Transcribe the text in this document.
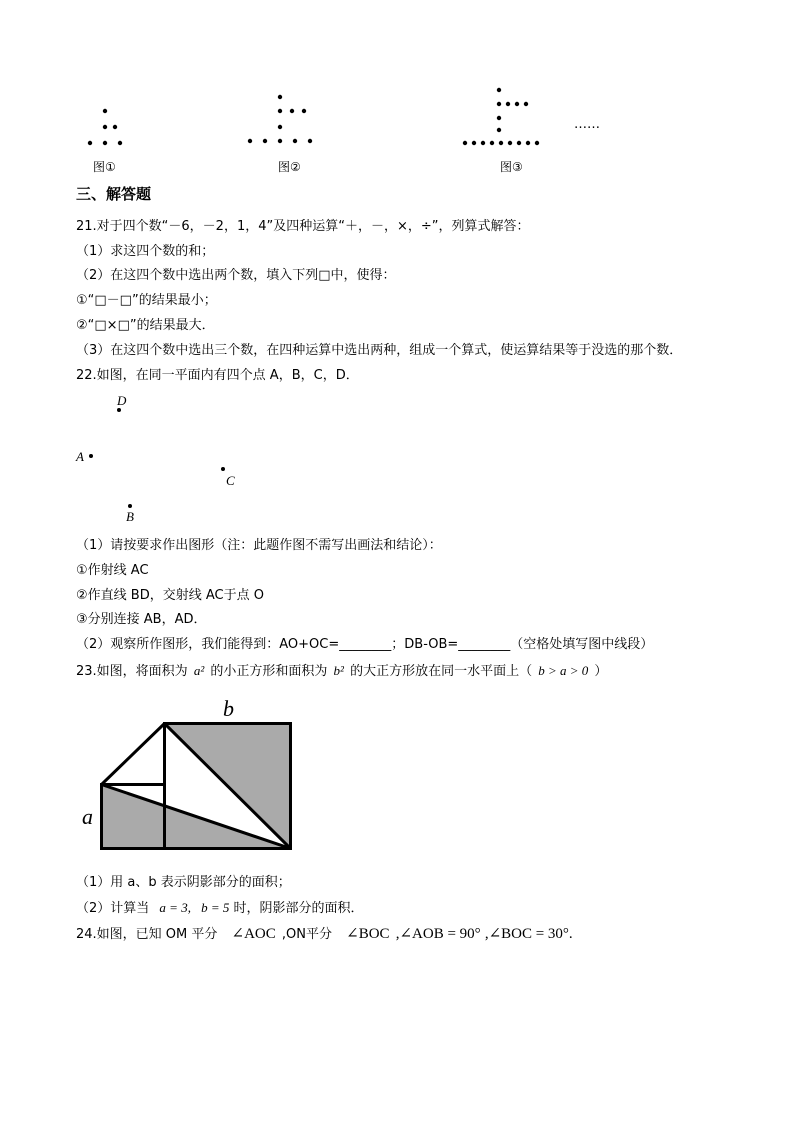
图①	图②	图③
……
三、解答题
21.对于四个数“－6，－2，1，4”及四种运算“＋，－，×，÷”，列算式解答：
（1）求这四个数的和；
（2）在这四个数中选出两个数，填入下列□中，使得：
①“□－□”的结果最小；
②“□×□”的结果最大．
（3）在这四个数中选出三个数，在四种运算中选出两种，组成一个算式，使运算结果等于没选的那个数．
22.如图，在同一平面内有四个点 A，B，C，D．
D
A
C
B
（1）请按要求作出图形（注：此题作图不需写出画法和结论）：
①作射线 AC
②作直线 BD，交射线 AC于点 O
③分别连接 AB，AD．
（2）观察所作图形，我们能得到：AO+OC=________；DB-OB=________（空格处填写图中线段）
23.如图，将面积为 a² 的小正方形和面积为 b² 的大正方形放在同一水平面上（ b > a > 0 ）
b
a
（1）用 a、b 表示阴影部分的面积；
（2）计算当 a = 3, b = 5 时，阴影部分的面积．
24.如图，已知 OM 平分 ∠AOC ,ON平分 ∠BOC ,∠AOB = 90° ,∠BOC = 30°.
